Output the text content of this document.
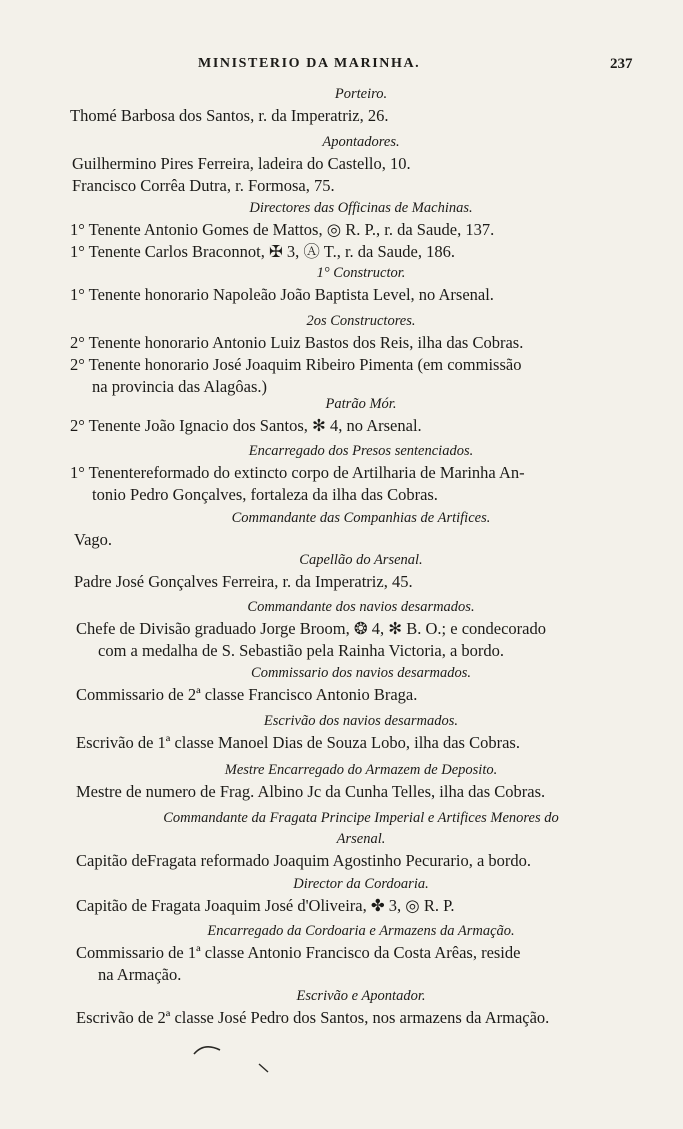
MINISTERIO DA MARINHA.	237
Porteiro.
Thomé Barbosa dos Santos, r. da Imperatriz, 26.
Apontadores.
Guilhermino Pires Ferreira, ladeira do Castello, 10.
Francisco Corrêa Dutra, r. Formosa, 75.
Directores das Officinas de Machinas.
1° Tenente Antonio Gomes de Mattos, ◎ R. P., r. da Saude, 137.
1° Tenente Carlos Braconnot, ✠ 3, Ⓐ T., r. da Saude, 186.
1° Constructor.
1° Tenente honorario Napoleão João Baptista Level, no Arsenal.
2os Constructores.
2° Tenente honorario Antonio Luiz Bastos dos Reis, ilha das Cobras.
2° Tenente honorario José Joaquim Ribeiro Pimenta (em commissão
na provincia das Alagôas.)
Patrão Mór.
2° Tenente João Ignacio dos Santos, ✻ 4, no Arsenal.
Encarregado dos Presos sentenciados.
1° Tenentereformado do extincto corpo de Artilharia de Marinha An-
tonio Pedro Gonçalves, fortaleza da ilha das Cobras.
Commandante das Companhias de Artifices.
Vago.
Capellão do Arsenal.
Padre José Gonçalves Ferreira, r. da Imperatriz, 45.
Commandante dos navios desarmados.
Chefe de Divisão graduado Jorge Broom, ❂ 4, ✻ B. O.; e condecorado
com a medalha de S. Sebastião pela Rainha Victoria, a bordo.
Commissario dos navios desarmados.
Commissario de 2ª classe Francisco Antonio Braga.
Escrivão dos navios desarmados.
Escrivão de 1ª classe Manoel Dias de Souza Lobo, ilha das Cobras.
Mestre Encarregado do Armazem de Deposito.
Mestre de numero de Frag. Albino Jc da Cunha Telles, ilha das Cobras.
Commandante da Fragata Principe Imperial e Artifices Menores do
Arsenal.
Capitão deFragata reformado Joaquim Agostinho Pecurario, a bordo.
Director da Cordoaria.
Capitão de Fragata Joaquim José d'Oliveira, ✤ 3, ◎ R. P.
Encarregado da Cordoaria e Armazens da Armação.
Commissario de 1ª classe Antonio Francisco da Costa Arêas, reside
na Armação.
Escrivão e Apontador.
Escrivão de 2ª classe José Pedro dos Santos, nos armazens da Armação.
